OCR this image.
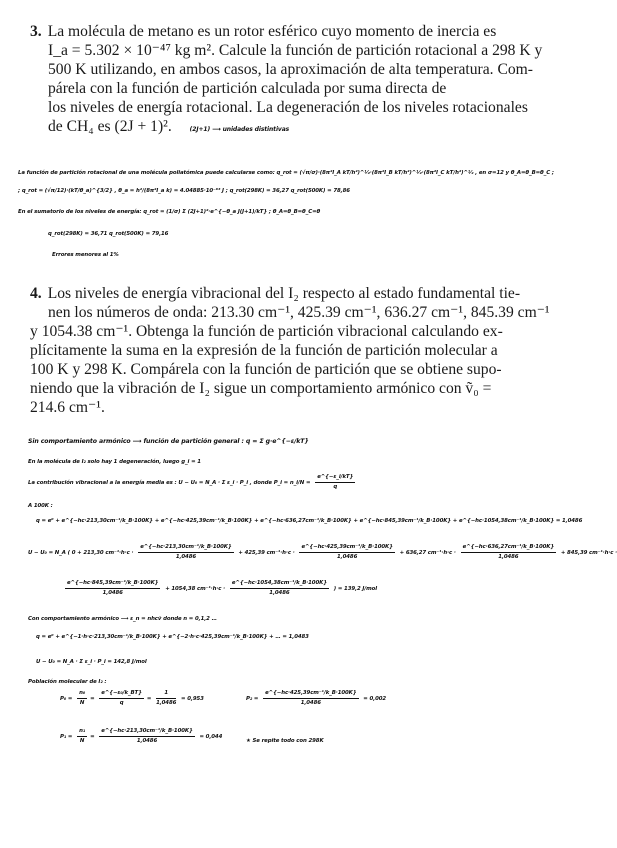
3. La molécula de metano es un rotor esférico cuyo momento de inercia es
I_a = 5.302 × 10⁻⁴⁷ kg m². Calcule la función de partición rotacional a 298 K y
500 K utilizando, en ambos casos, la aproximación de alta temperatura. Com-
párela con la función de partición calculada por suma directa de
los niveles de energía rotacional. La degeneración de los niveles rotacionales
de CH₄ es (2J + 1)².	(2J+1) ⟶ unidades distintivas
La función de partición rotacional de una molécula poliatómica puede calcularse como: q_rot = (√π/σ)·(8π²I_A kT/h²)^½·(8π²I_B kT/h²)^½·(8π²I_C kT/h²)^½ , en σ=12 y θ_A=θ_B=θ_C ;
; q_rot = (√π/12)·(kT/θ_a)^{3/2} , θ_a = h²/(8π²I_a k) = 4.04885·10⁻⁶³ J ; q_rot(298K) = 36,27 q_rot(500K) = 78,86
En el sumatorio de los niveles de energía: q_rot = (1/σ) Σ (2J+1)²·e^{−θ_a J(J+1)/kT} ; θ_A=θ_B=θ_C=θ
q_rot(298K) = 36,71 q_rot(500K) = 79,16
Errores menores al 1%
4. Los niveles de energía vibracional del I₂ respecto al estado fundamental tie-
nen los números de onda: 213.30 cm⁻¹, 425.39 cm⁻¹, 636.27 cm⁻¹, 845.39 cm⁻¹
y 1054.38 cm⁻¹. Obtenga la función de partición vibracional calculando ex-
plícitamente la suma en la expresión de la función de partición molecular a
100 K y 298 K. Compárela con la función de partición que se obtiene supo-
niendo que la vibración de I₂ sigue un comportamiento armónico con ṽ₀ =
214.6 cm⁻¹.
Sin comportamiento armónico ⟶ función de partición general : q = Σ g·e^{−ε/kT}
En la molécula de I₂ solo hay 1 degeneración, luego g_i = 1
La contribución vibracional a la energía media es : U − U₀ = N_A · Σ ε_i · P_i , donde P_i = n_i/N = $\frac{e\^{}\{-\varepsilon\_i/kT\}}{q}$
A 100K :
q = e⁰ + e^{−hc·213,30cm⁻¹/k_B·100K} + e^{−hc·425,39cm⁻¹/k_B·100K} + e^{−hc·636,27cm⁻¹/k_B·100K} + e^{−hc·845,39cm⁻¹/k_B·100K} + e^{−hc·1054,38cm⁻¹/k_B·100K} = 1,0486
U − U₀ = N_A ( 0 + 213,30 $cm^{-1}\cdot h\cdot c \cdot \frac{\text{e\textasciicircum{}\{−hc·213,30cm⁻¹/k\_B·100K\}}}{1,0486} + 425,39$ $cm^{-1}\cdot h\cdot c \cdot \frac{\text{e\textasciicircum{}\{−hc·425,39cm⁻¹/k\_B·100K\}}}{1,0486} + 636,27$ $cm^{-1}\cdot h\cdot c \cdot \frac{\text{e\textasciicircum{}\{−hc·636,27cm⁻¹/k\_B·100K\}}}{1,0486} + 845,39$ cm⁻¹·h·c ·
$\frac{\text{e\textasciicircum{}\{−hc·845,39cm⁻¹/k\_B·100K\}}}{1,0486} + 1054,38$ $cm^{-1}\cdot h\cdot c \cdot \frac{\text{e\textasciicircum{}\{−hc·1054,38cm⁻¹/k\_B·100K\}}}{1,0486}$ ) = 139,2 J/mol
Con comportamiento armónico ⟶ ε_n = nhcṽ donde n = 0,1,2 …
q = e⁰ + e^{−1·h·c·213,30cm⁻¹/k_B·100K} + e^{−2·h·c·425,39cm⁻¹/k_B·100K} + … = 1,0483
U − U₀ = N_A · Σ ε_i · P_i = 142,8 J/mol
Población molecular de I₂ :
$P_0 = \frac{\text{n₀}}{N} = \frac{\text{e\textasciicircum{}\{−ε₀/k\_BT\}}}{q} = \frac{1}{1,0486} = 0,953$	$P_2 = \frac{\text{e\textasciicircum{}\{−hc·425,39cm⁻¹/k\_B·100K\}}}{1,0486} = 0,002$
$P_1 = \frac{\text{n₁}}{N} = \frac{\text{e\textasciicircum{}\{−hc·213,30cm⁻¹/k\_B·100K\}}}{1,0486} = 0,044$
★ Se repite todo con 298K
